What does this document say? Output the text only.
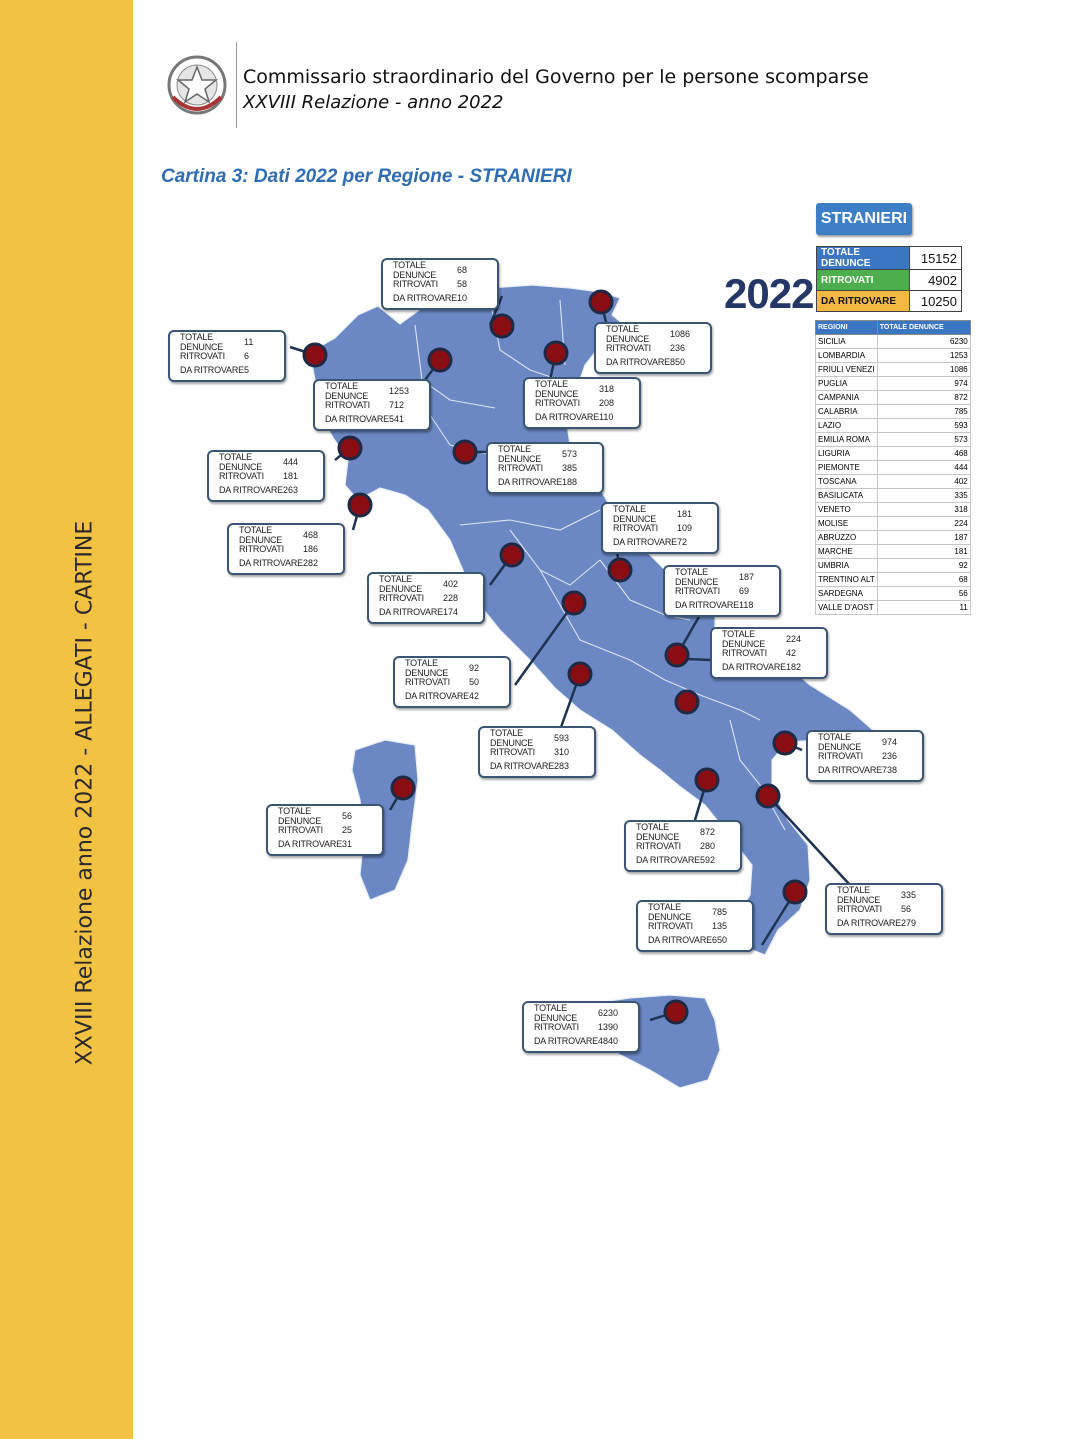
XXVIII Relazione anno 2022 - ALLEGATI - CARTINE
Commissario straordinario del Governo per le persone scomparse
XXVIII Relazione - anno 2022
Cartina 3: Dati 2022 per Regione - STRANIERI
TOTALE DENUNCE	68
RITROVATI	58
DA RITROVARE 10
TOTALE DENUNCE	11
RITROVATI	6
DA RITROVARE 5
TOTALE DENUNCE	1086
RITROVATI	236
DA RITROVARE 850
TOTALE DENUNCE	1253
RITROVATI	712
DA RITROVARE 541
TOTALE DENUNCE	318
RITROVATI	208
DA RITROVARE 110
TOTALE DENUNCE	573
RITROVATI	385
DA RITROVARE 188
TOTALE DENUNCE	444
RITROVATI	181
DA RITROVARE 263
TOTALE DENUNCE	468
RITROVATI	186
DA RITROVARE 282
TOTALE DENUNCE	181
RITROVATI	109
DA RITROVARE 72
TOTALE DENUNCE	402
RITROVATI	228
DA RITROVARE 174
TOTALE DENUNCE	187
RITROVATI	69
DA RITROVARE 118
TOTALE DENUNCE	224
RITROVATI	42
DA RITROVARE 182
TOTALE DENUNCE	92
RITROVATI	50
DA RITROVARE 42
TOTALE DENUNCE	593
RITROVATI	310
DA RITROVARE 283
TOTALE DENUNCE	974
RITROVATI	236
DA RITROVARE 738
TOTALE DENUNCE	56
RITROVATI	25
DA RITROVARE 31
TOTALE DENUNCE	872
RITROVATI	280
DA RITROVARE 592
TOTALE DENUNCE	335
RITROVATI	56
DA RITROVARE 279
TOTALE DENUNCE	785
RITROVATI	135
DA RITROVARE 650
TOTALE DENUNCE	6230
RITROVATI	1390
DA RITROVARE 4840
2022
STRANIERI
TOTALE DENUNCE	15152
RITROVATI	4902
DA RITROVARE	10250
REGIONI	TOTALE DENUNCE
SICILIA	6230
LOMBARDIA	1253
FRIULI VENEZI	1086
PUGLIA	974
CAMPANIA	872
CALABRIA	785
LAZIO	593
EMILIA ROMA	573
LIGURIA	468
PIEMONTE	444
TOSCANA	402
BASILICATA	335
VENETO	318
MOLISE	224
ABRUZZO	187
MARCHE	181
UMBRIA	92
TRENTINO ALT	68
SARDEGNA	56
VALLE D'AOST	11
